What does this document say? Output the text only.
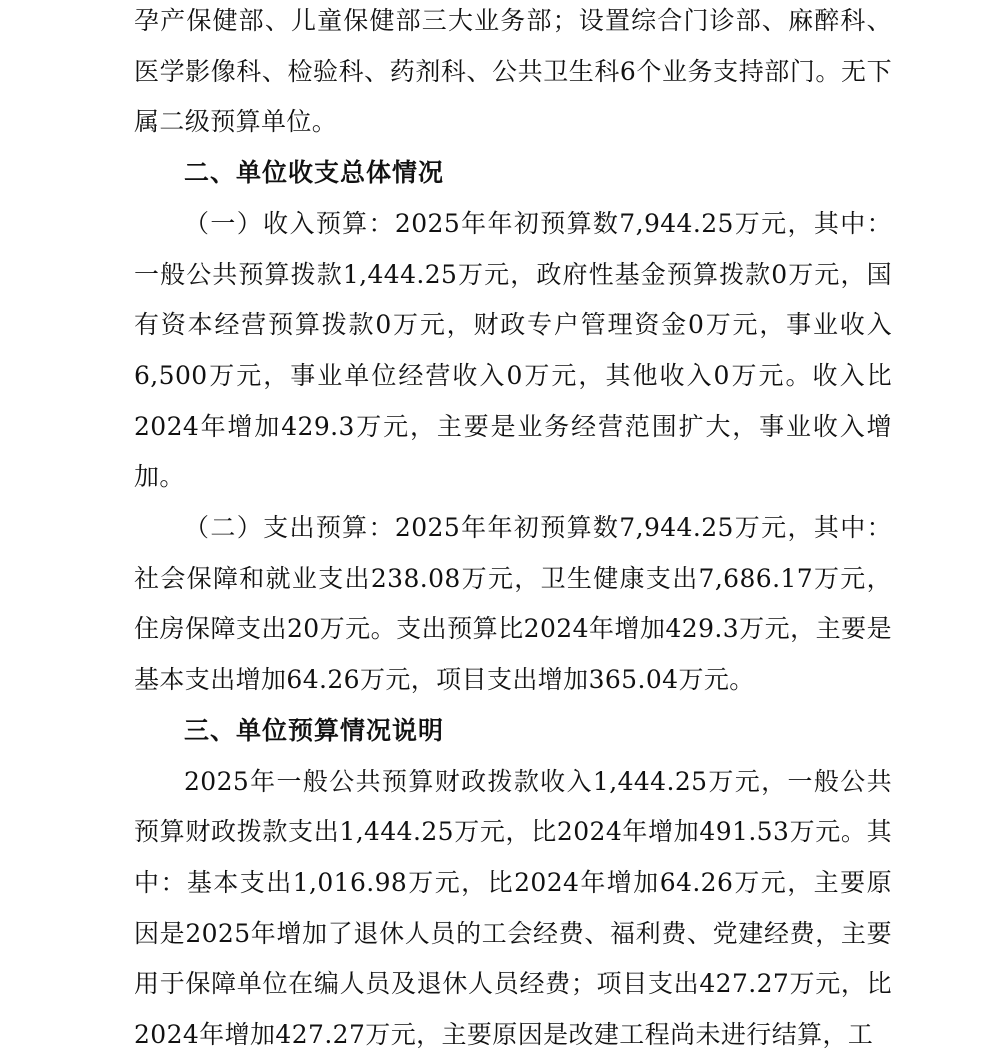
孕产保健部、儿童保健部三大业务部；设置综合门诊部、麻醉科、医学影像科、检验科、药剂科、公共卫生科6个业务支持部门。无下属二级预算单位。

二、单位收支总体情况

（一）收入预算：2025年年初预算数7,944.25万元，其中：一般公共预算拨款1,444.25万元，政府性基金预算拨款0万元，国有资本经营预算拨款0万元，财政专户管理资金0万元，事业收入6,500万元，事业单位经营收入0万元，其他收入0万元。收入比2024年增加429.3万元，主要是业务经营范围扩大，事业收入增加。

（二）支出预算：2025年年初预算数7,944.25万元，其中：社会保障和就业支出238.08万元，卫生健康支出7,686.17万元，住房保障支出20万元。支出预算比2024年增加429.3万元，主要是基本支出增加64.26万元，项目支出增加365.04万元。

三、单位预算情况说明

2025年一般公共预算财政拨款收入1,444.25万元，一般公共预算财政拨款支出1,444.25万元，比2024年增加491.53万元。其中：基本支出1,016.98万元，比2024年增加64.26万元，主要原因是2025年增加了退休人员的工会经费、福利费、党建经费，主要用于保障单位在编人员及退休人员经费；项目支出427.27万元，比2024年增加427.27万元，主要原因是改建工程尚未进行结算，工
